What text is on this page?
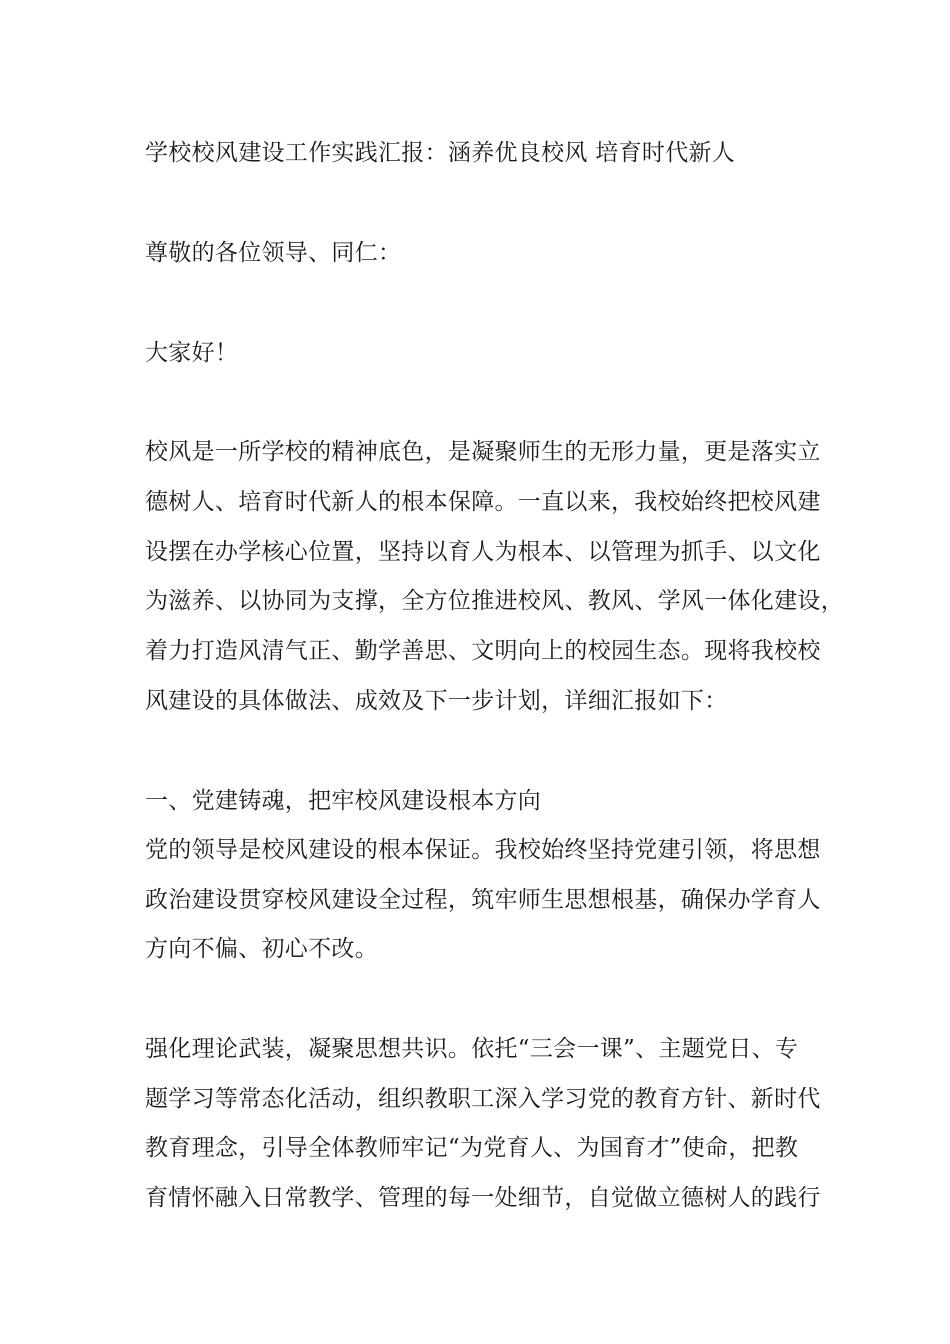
学校校风建设工作实践汇报：涵养优良校风 培育时代新人
尊敬的各位领导、同仁：
大家好！
校风是一所学校的精神底色，是凝聚师生的无形力量，更是落实立
德树人、培育时代新人的根本保障。一直以来，我校始终把校风建
设摆在办学核心位置，坚持以育人为根本、以管理为抓手、以文化
为滋养、以协同为支撑，全方位推进校风、教风、学风一体化建设，
着力打造风清气正、勤学善思、文明向上的校园生态。现将我校校
风建设的具体做法、成效及下一步计划，详细汇报如下：
一、党建铸魂，把牢校风建设根本方向
党的领导是校风建设的根本保证。我校始终坚持党建引领，将思想
政治建设贯穿校风建设全过程，筑牢师生思想根基，确保办学育人
方向不偏、初心不改。
强化理论武装，凝聚思想共识。依托“三会一课”、主题党日、专
题学习等常态化活动，组织教职工深入学习党的教育方针、新时代
教育理念，引导全体教师牢记“为党育人、为国育才”使命，把教
育情怀融入日常教学、管理的每一处细节，自觉做立德树人的践行
